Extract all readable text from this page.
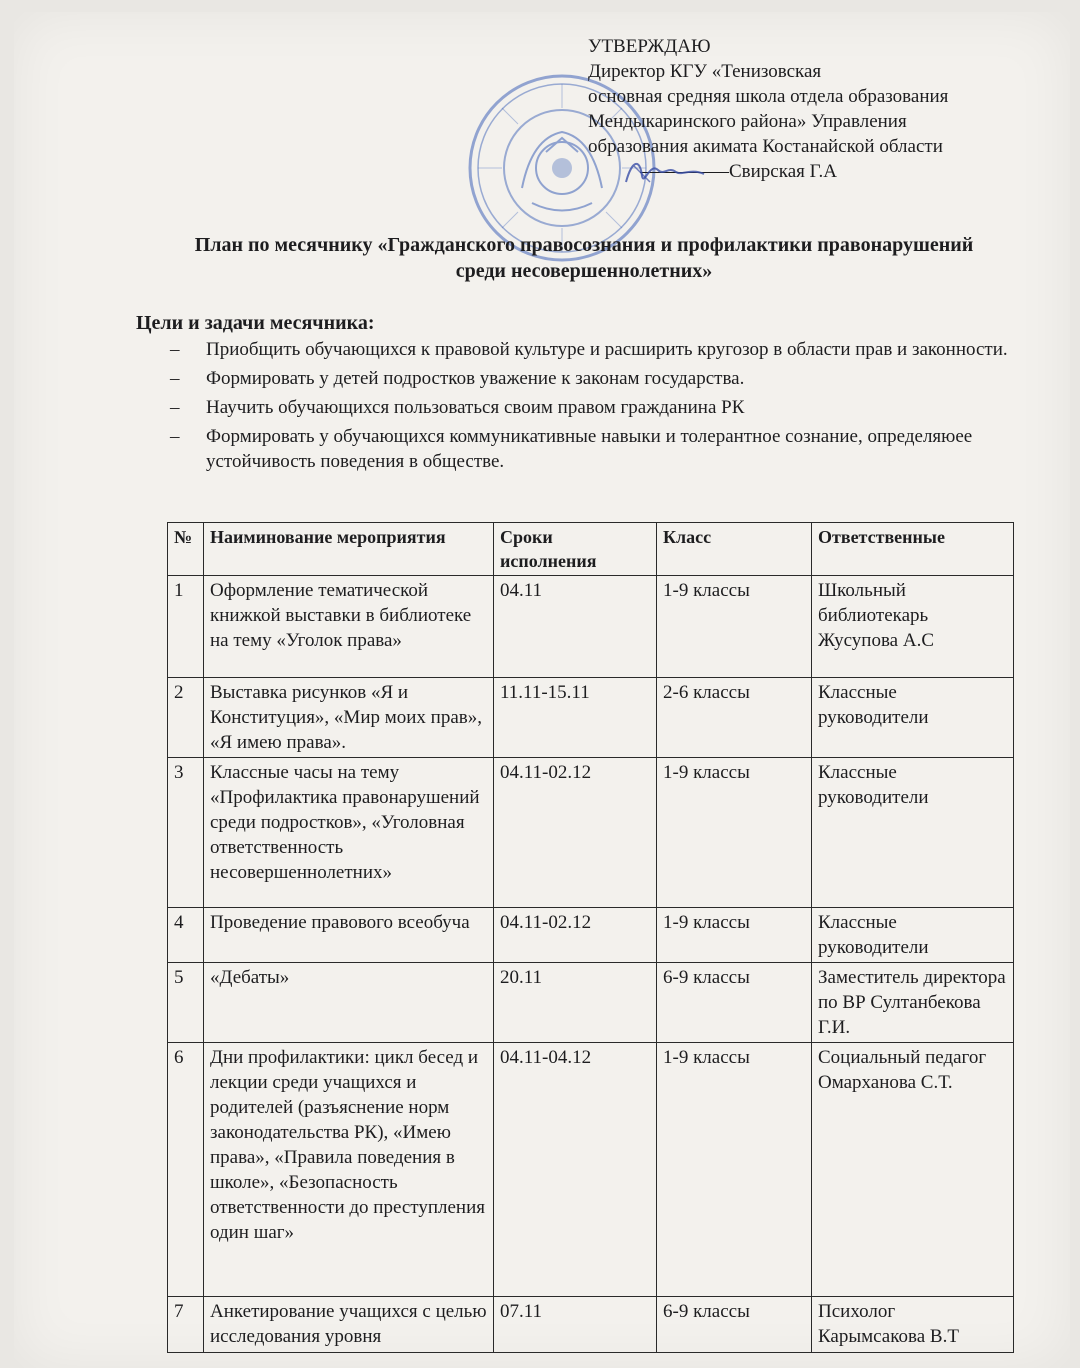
УТВЕРЖДАЮ
Директор КГУ «Тенизовская
основная средняя школа отдела образования
Мендыкаринского района» Управления
образования акимата Костанайской области
—Свирская Г.А
План по месячнику «Гражданского правосознания и профилактики правонарушений
среди несовершеннолетних»
Цели и задачи месячника:
– Приобщить обучающихся к правовой культуре и расширить кругозор в области прав и законности.
– Формировать у детей подростков уважение к законам государства.
– Научить обучающихся пользоваться своим правом гражданина РК
– Формировать у обучающихся коммуникативные навыки и толерантное сознание, определяюее устойчивость поведения в обществе.
№	Наиминование мероприятия	Сроки исполнения	Класс	Ответственные
1	Оформление тематической книжкой выставки в библиотеке на тему «Уголок права»	04.11	1-9 классы	Школьный библиотекарь Жусупова А.С
2	Выставка рисунков «Я и Конституция», «Мир моих прав», «Я имею права».	11.11-15.11	2-6 классы	Классные руководители
3	Классные часы на тему «Профилактика правонарушений среди подростков», «Уголовная ответственность несовершеннолетних»	04.11-02.12	1-9 классы	Классные руководители
4	Проведение правового всеобуча	04.11-02.12	1-9 классы	Классные руководители
5	«Дебаты»	20.11	6-9 классы	Заместитель директора по ВР Султанбекова Г.И.
6	Дни профилактики: цикл бесед и лекции среди учащихся и родителей (разъяснение норм законодательства РК), «Имею права», «Правила поведения в школе», «Безопасность ответственности до преступления один шаг»	04.11-04.12	1-9 классы	Социальный педагог Омарханова С.Т.
7	Анкетирование учащихся с целью исследования уровня	07.11	6-9 классы	Психолог Карымсакова В.Т
